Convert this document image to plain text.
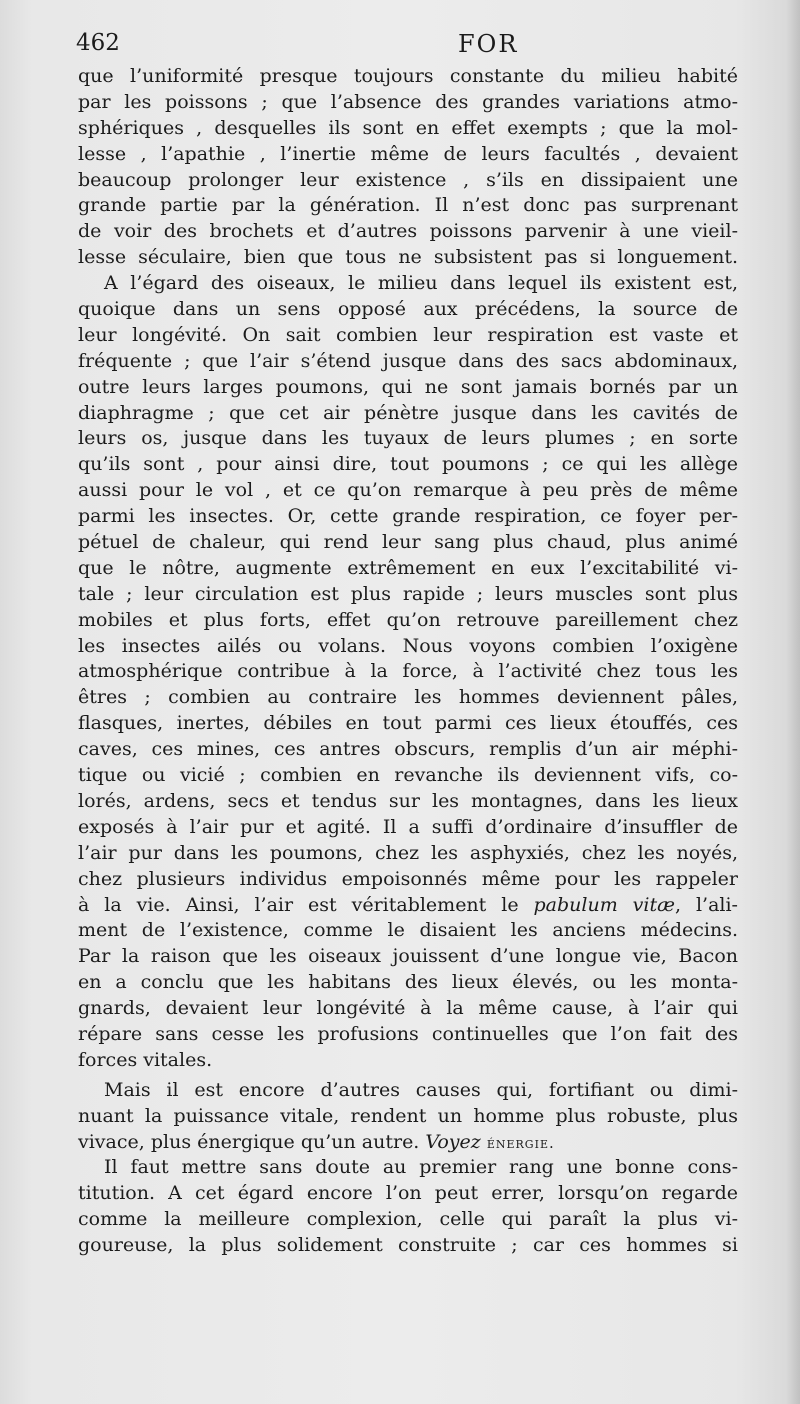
462	FOR
que l’uniformité presque toujours constante du milieu habité
par les poissons ; que l’absence des grandes variations atmo-
sphériques , desquelles ils sont en effet exempts ; que la mol-
lesse , l’apathie , l’inertie même de leurs facultés , devaient
beaucoup prolonger leur existence , s’ils en dissipaient une
grande partie par la génération. Il n’est donc pas surprenant
de voir des brochets et d’autres poissons parvenir à une vieil-
lesse séculaire, bien que tous ne subsistent pas si longuement.
A l’égard des oiseaux, le milieu dans lequel ils existent est,
quoique dans un sens opposé aux précédens, la source de
leur longévité. On sait combien leur respiration est vaste et
fréquente ; que l’air s’étend jusque dans des sacs abdominaux,
outre leurs larges poumons, qui ne sont jamais bornés par un
diaphragme ; que cet air pénètre jusque dans les cavités de
leurs os, jusque dans les tuyaux de leurs plumes ; en sorte
qu’ils sont , pour ainsi dire, tout poumons ; ce qui les allège
aussi pour le vol , et ce qu’on remarque à peu près de même
parmi les insectes. Or, cette grande respiration, ce foyer per-
pétuel de chaleur, qui rend leur sang plus chaud, plus animé
que le nôtre, augmente extrêmement en eux l’excitabilité vi-
tale ; leur circulation est plus rapide ; leurs muscles sont plus
mobiles et plus forts, effet qu’on retrouve pareillement chez
les insectes ailés ou volans. Nous voyons combien l’oxigène
atmosphérique contribue à la force, à l’activité chez tous les
êtres ; combien au contraire les hommes deviennent pâles,
flasques, inertes, débiles en tout parmi ces lieux étouffés, ces
caves, ces mines, ces antres obscurs, remplis d’un air méphi-
tique ou vicié ; combien en revanche ils deviennent vifs, co-
lorés, ardens, secs et tendus sur les montagnes, dans les lieux
exposés à l’air pur et agité. Il a suffi d’ordinaire d’insuffler de
l’air pur dans les poumons, chez les asphyxiés, chez les noyés,
chez plusieurs individus empoisonnés même pour les rappeler
à la vie. Ainsi, l’air est véritablement le pabulum vitæ, l’ali-
ment de l’existence, comme le disaient les anciens médecins.
Par la raison que les oiseaux jouissent d’une longue vie, Bacon
en a conclu que les habitans des lieux élevés, ou les monta-
gnards, devaient leur longévité à la même cause, à l’air qui
répare sans cesse les profusions continuelles que l’on fait des
forces vitales.
Mais il est encore d’autres causes qui, fortifiant ou dimi-
nuant la puissance vitale, rendent un homme plus robuste, plus
vivace, plus énergique qu’un autre. Voyez énergie.
Il faut mettre sans doute au premier rang une bonne cons-
titution. A cet égard encore l’on peut errer, lorsqu’on regarde
comme la meilleure complexion, celle qui paraît la plus vi-
goureuse, la plus solidement construite ; car ces hommes si
